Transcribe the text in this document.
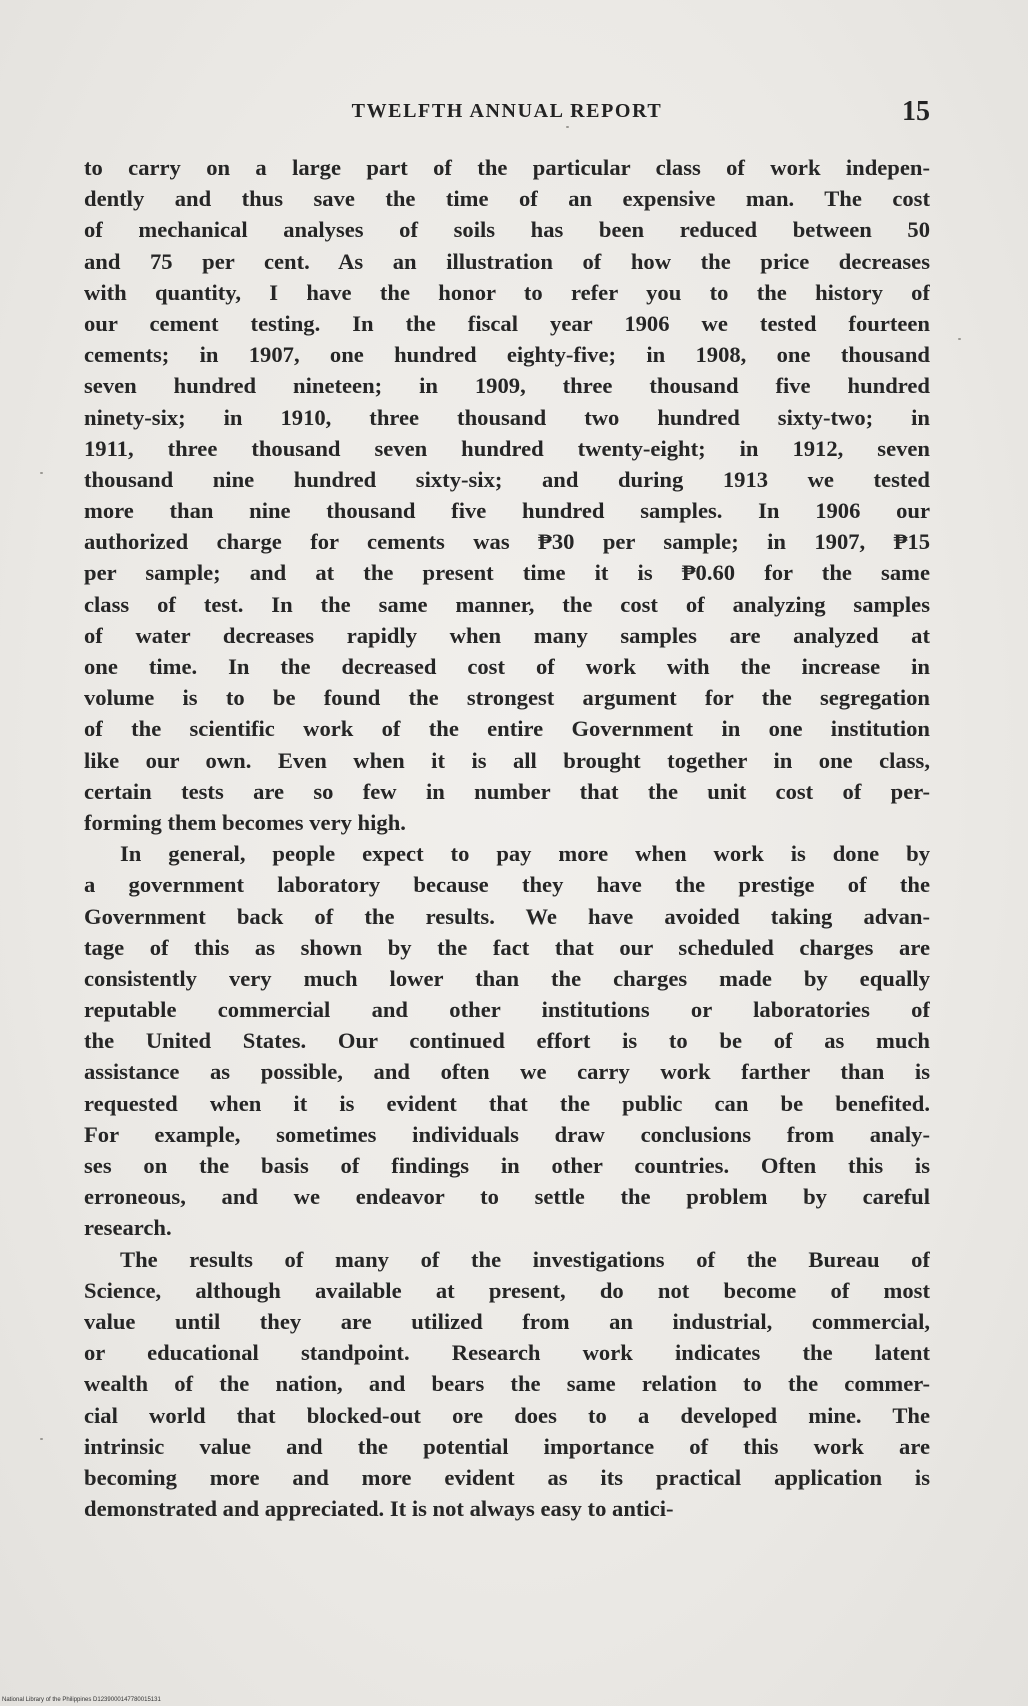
TWELFTH ANNUAL REPORT	15
to carry on a large part of the particular class of work indepen-
dently and thus save the time of an expensive man. The cost
of mechanical analyses of soils has been reduced between 50
and 75 per cent. As an illustration of how the price decreases
with quantity, I have the honor to refer you to the history of
our cement testing. In the fiscal year 1906 we tested fourteen
cements; in 1907, one hundred eighty-five; in 1908, one thousand
seven hundred nineteen; in 1909, three thousand five hundred
ninety-six; in 1910, three thousand two hundred sixty-two; in
1911, three thousand seven hundred twenty-eight; in 1912, seven
thousand nine hundred sixty-six; and during 1913 we tested
more than nine thousand five hundred samples. In 1906 our
authorized charge for cements was ₱30 per sample; in 1907, ₱15
per sample; and at the present time it is ₱0.60 for the same
class of test. In the same manner, the cost of analyzing samples
of water decreases rapidly when many samples are analyzed at
one time. In the decreased cost of work with the increase in
volume is to be found the strongest argument for the segregation
of the scientific work of the entire Government in one institution
like our own. Even when it is all brought together in one class,
certain tests are so few in number that the unit cost of per-
forming them becomes very high.
In general, people expect to pay more when work is done by
a government laboratory because they have the prestige of the
Government back of the results. We have avoided taking advan-
tage of this as shown by the fact that our scheduled charges are
consistently very much lower than the charges made by equally
reputable commercial and other institutions or laboratories of
the United States. Our continued effort is to be of as much
assistance as possible, and often we carry work farther than is
requested when it is evident that the public can be benefited.
For example, sometimes individuals draw conclusions from analy-
ses on the basis of findings in other countries. Often this is
erroneous, and we endeavor to settle the problem by careful
research.
The results of many of the investigations of the Bureau of
Science, although available at present, do not become of most
value until they are utilized from an industrial, commercial,
or educational standpoint. Research work indicates the latent
wealth of the nation, and bears the same relation to the commer-
cial world that blocked-out ore does to a developed mine. The
intrinsic value and the potential importance of this work are
becoming more and more evident as its practical application is
demonstrated and appreciated. It is not always easy to antici-
National Library of the Philippines D1239000147780015131
